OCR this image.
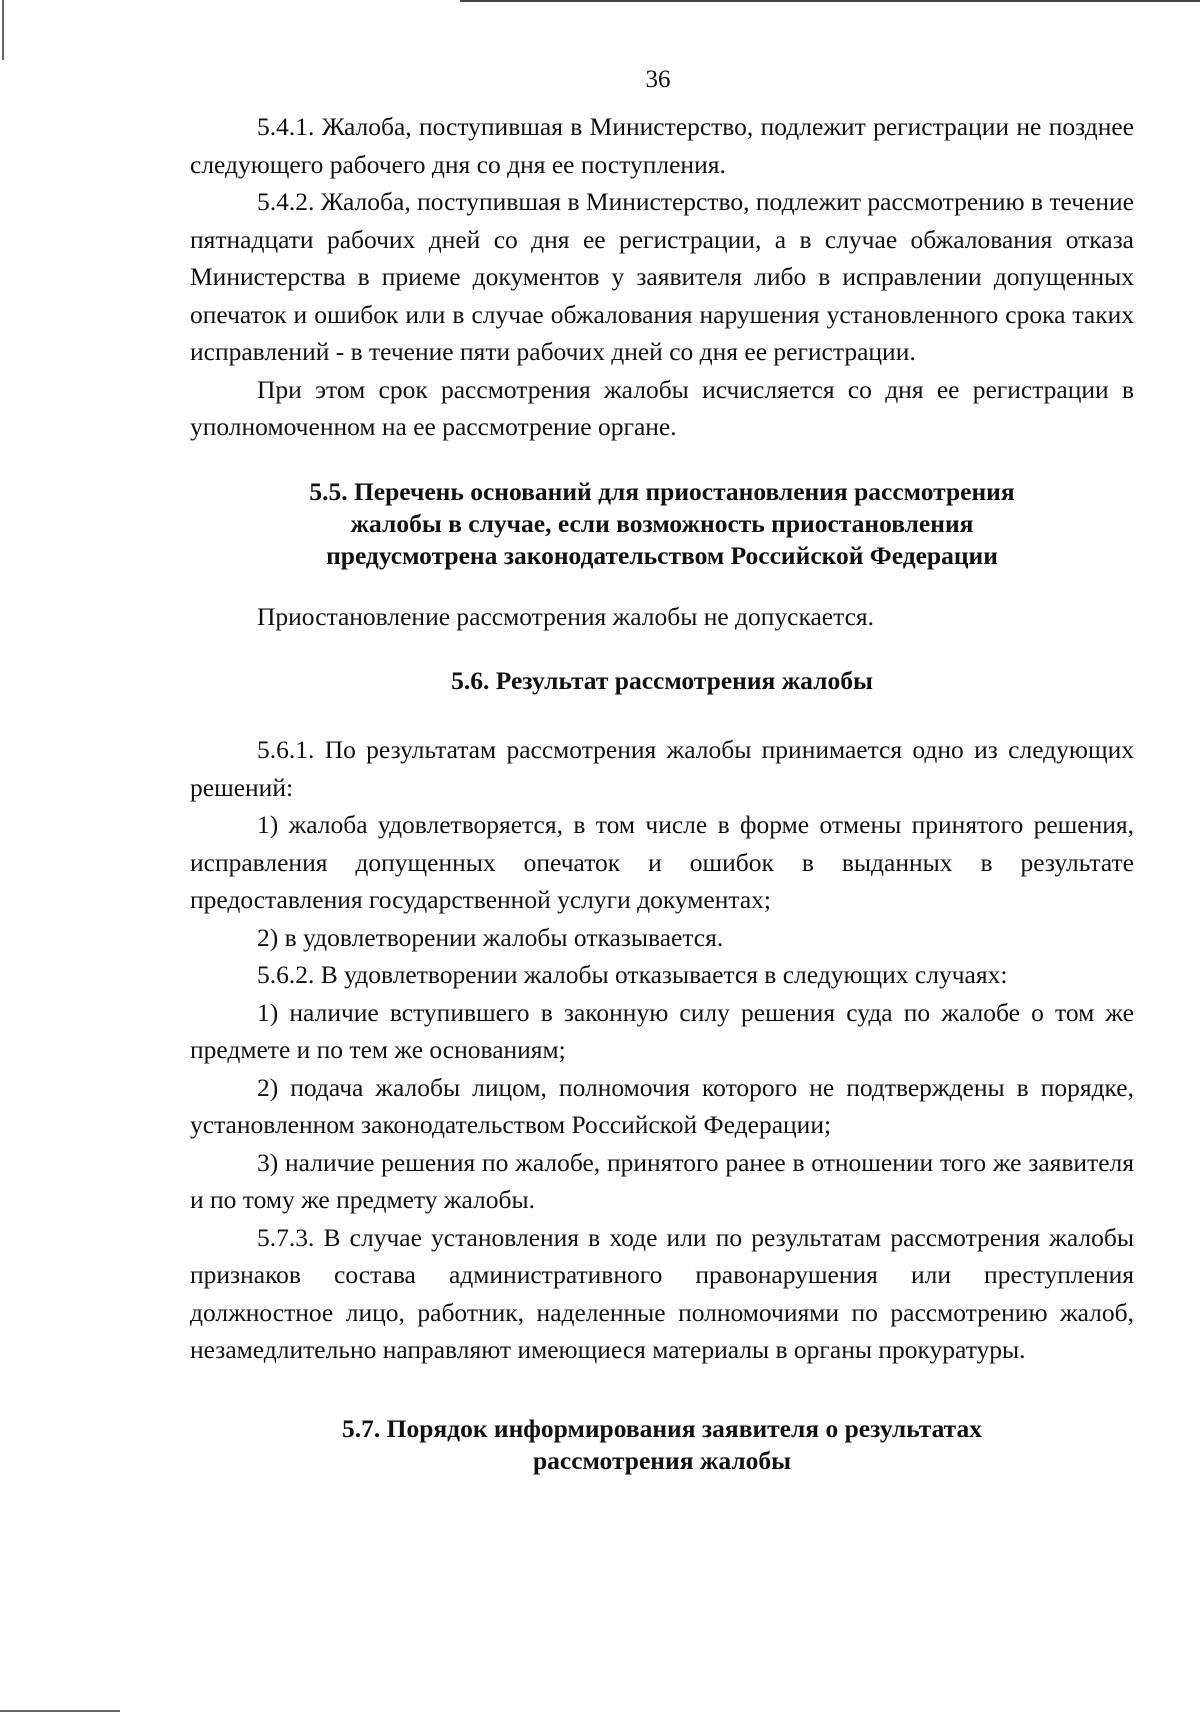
36

5.4.1. Жалоба, поступившая в Министерство, подлежит регистрации не позднее следующего рабочего дня со дня ее поступления.

5.4.2. Жалоба, поступившая в Министерство, подлежит рассмотрению в течение пятнадцати рабочих дней со дня ее регистрации, а в случае обжалования отказа Министерства в приеме документов у заявителя либо в исправлении допущенных опечаток и ошибок или в случае обжалования нарушения установленного срока таких исправлений - в течение пяти рабочих дней со дня ее регистрации.

При этом срок рассмотрения жалобы исчисляется со дня ее регистрации в уполномоченном на ее рассмотрение органе.

5.5. Перечень оснований для приостановления рассмотрения

жалобы в случае, если возможность приостановления

предусмотрена законодательством Российской Федерации

Приостановление рассмотрения жалобы не допускается.

5.6. Результат рассмотрения жалобы

5.6.1. По результатам рассмотрения жалобы принимается одно из следующих решений:

1) жалоба удовлетворяется, в том числе в форме отмены принятого решения, исправления допущенных опечаток и ошибок в выданных в результате предоставления государственной услуги документах;

2) в удовлетворении жалобы отказывается.

5.6.2. В удовлетворении жалобы отказывается в следующих случаях:

1) наличие вступившего в законную силу решения суда по жалобе о том же предмете и по тем же основаниям;

2) подача жалобы лицом, полномочия которого не подтверждены в порядке, установленном законодательством Российской Федерации;

3) наличие решения по жалобе, принятого ранее в отношении того же заявителя и по тому же предмету жалобы.

5.7.3. В случае установления в ходе или по результатам рассмотрения жалобы признаков состава административного правонарушения или преступления должностное лицо, работник, наделенные полномочиями по рассмотрению жалоб, незамедлительно направляют имеющиеся материалы в органы прокуратуры.

5.7. Порядок информирования заявителя о результатах

рассмотрения жалобы
